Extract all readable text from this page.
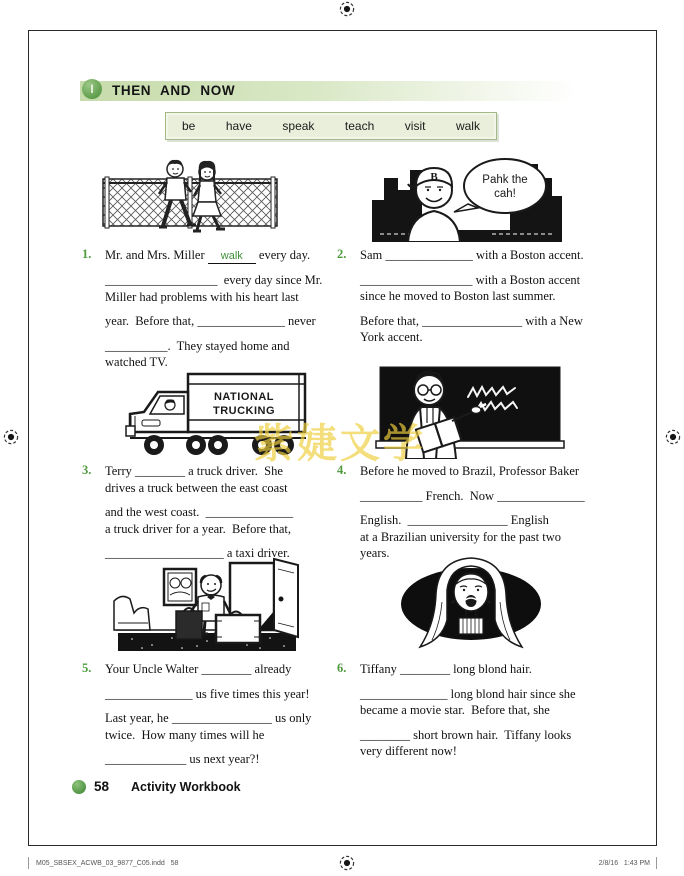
I THEN AND NOW
be	have	speak	teach	visit	walk
B	Pahk the
cah!
1. Mr. and Mrs. Miller walk every day.
__________________  every day since Mr.
Miller had problems with his heart last
year.  Before that, ______________ never
__________.  They stayed home and
watched TV.
2. Sam ______________ with a Boston accent.
__________________ with a Boston accent
since he moved to Boston last summer.
Before that, ________________ with a New
York accent.
NATIONAL
TRUCKING
3. Terry ________ a truck driver.  She
drives a truck between the east coast
and the west coast.  ______________
a truck driver for a year.  Before that,
___________________ a taxi driver.
4. Before he moved to Brazil, Professor Baker
__________ French.  Now ______________
English.  ________________ English
at a Brazilian university for the past two
years.
5. Your Uncle Walter ________ already
______________ us five times this year!
Last year, he ________________ us only
twice.  How many times will he
_____________ us next year?!
6. Tiffany ________ long blond hair.
______________ long blond hair since she
became a movie star.  Before that, she
________ short brown hair.  Tiffany looks
very different now!
紫婕文学
58 Activity Workbook
M05_SBSEX_ACWB_03_9877_C05.indd   58	2/8/16   1:43 PM
